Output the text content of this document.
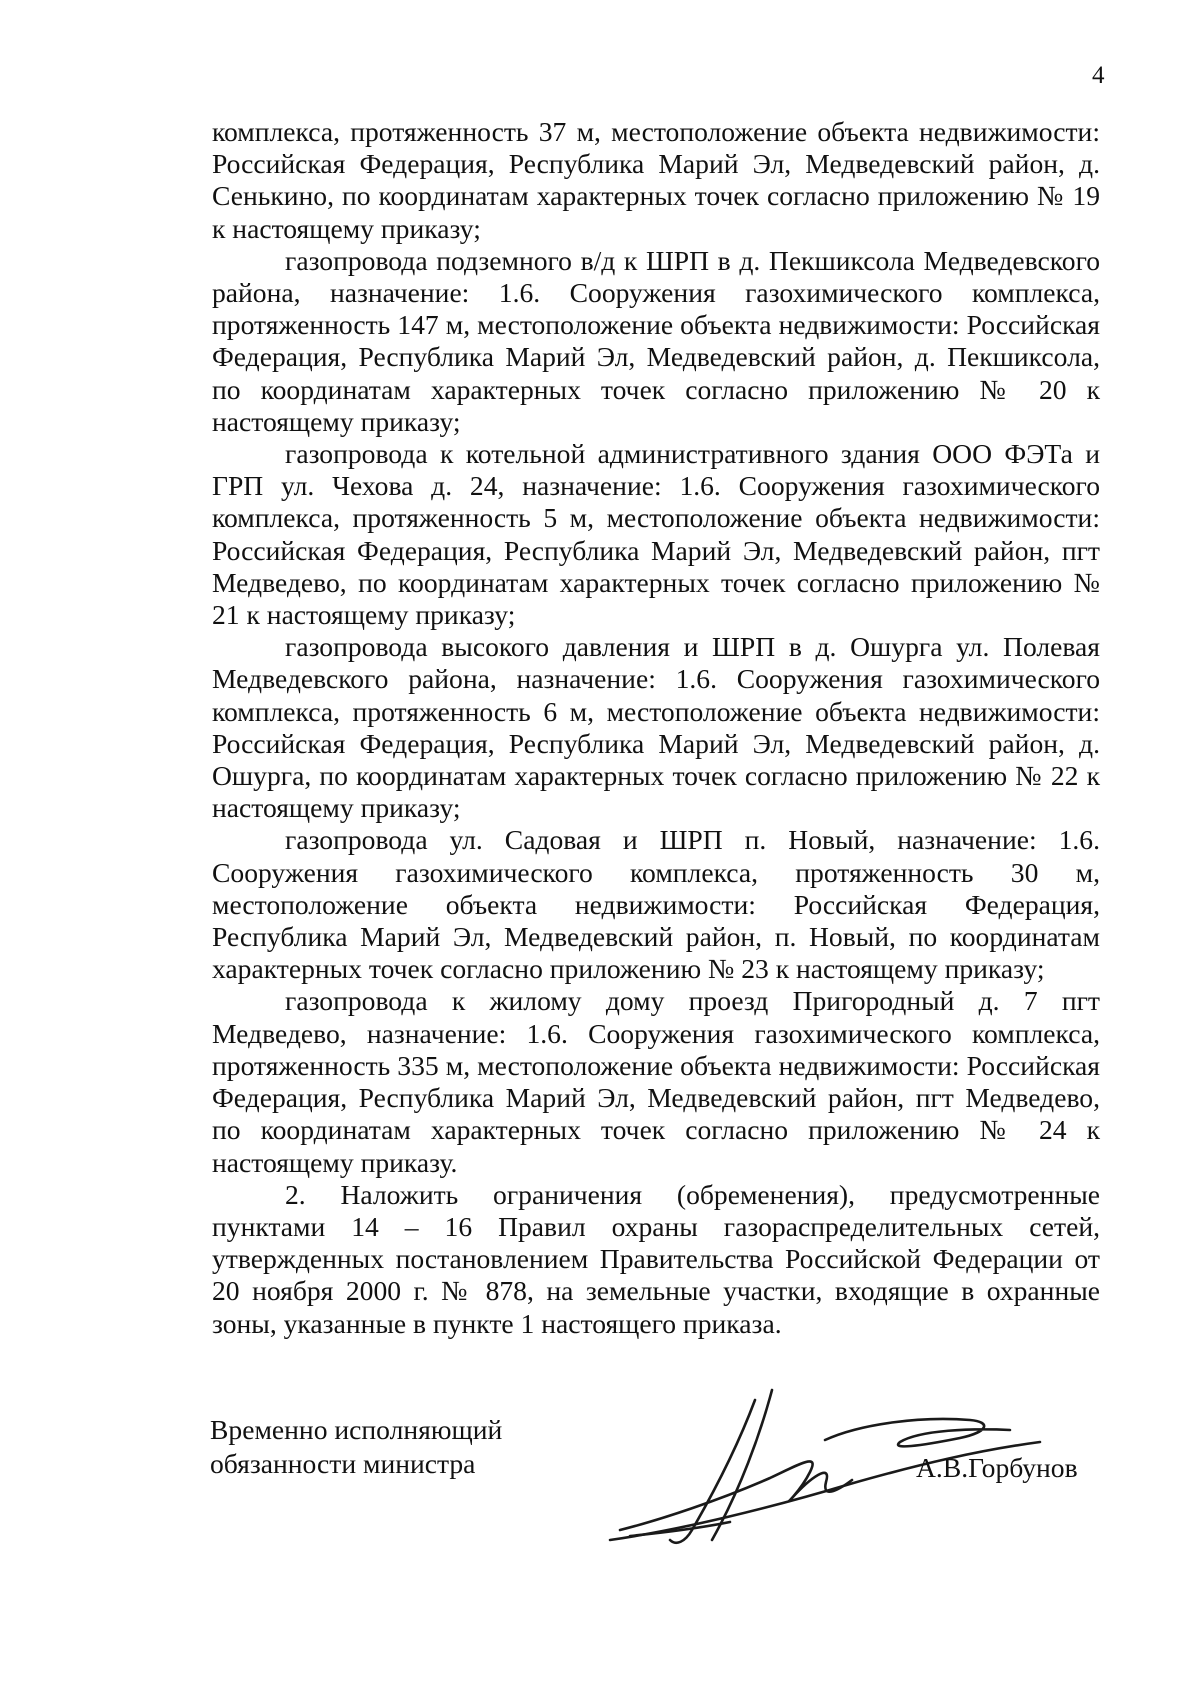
4

комплекса, протяженность 37 м, местоположение объекта недвижимости: Российская Федерация, Республика Марий Эл, Медведевский район, д. Сенькино, по координатам характерных точек согласно приложению № 19 к настоящему приказу;

газопровода подземного в/д к ШРП в д. Пекшиксола Медведевского района, назначение: 1.6. Сооружения газохимического комплекса, протяженность 147 м, местоположение объекта недвижимости: Российская Федерация, Республика Марий Эл, Медведевский район, д. Пекшиксола, по координатам характерных точек согласно приложению № 20 к настоящему приказу;

газопровода к котельной административного здания ООО ФЭТа и ГРП ул. Чехова д. 24, назначение: 1.6. Сооружения газохимического комплекса, протяженность 5 м, местоположение объекта недвижимости: Российская Федерация, Республика Марий Эл, Медведевский район, пгт Медведево, по координатам характерных точек согласно приложению № 21 к настоящему приказу;

газопровода высокого давления и ШРП в д. Ошурга ул. Полевая Медведевского района, назначение: 1.6. Сооружения газохимического комплекса, протяженность 6 м, местоположение объекта недвижимости: Российская Федерация, Республика Марий Эл, Медведевский район, д. Ошурга, по координатам характерных точек согласно приложению № 22 к настоящему приказу;

газопровода ул. Садовая и ШРП п. Новый, назначение: 1.6. Сооружения газохимического комплекса, протяженность 30 м, местоположение объекта недвижимости: Российская Федерация, Республика Марий Эл, Медведевский район, п. Новый, по координатам характерных точек согласно приложению № 23 к настоящему приказу;

газопровода к жилому дому проезд Пригородный д. 7 пгт Медведево, назначение: 1.6. Сооружения газохимического комплекса, протяженность 335 м, местоположение объекта недвижимости: Российская Федерация, Республика Марий Эл, Медведевский район, пгт Медведево, по координатам характерных точек согласно приложению № 24 к настоящему приказу.

2. Наложить ограничения (обременения), предусмотренные пунктами 14 – 16 Правил охраны газораспределительных сетей, утвержденных постановлением Правительства Российской Федерации от 20 ноября 2000 г. № 878, на земельные участки, входящие в охранные зоны, указанные в пункте 1 настоящего приказа.

Временно исполняющий
обязанности министра	А.В.Горбунов
